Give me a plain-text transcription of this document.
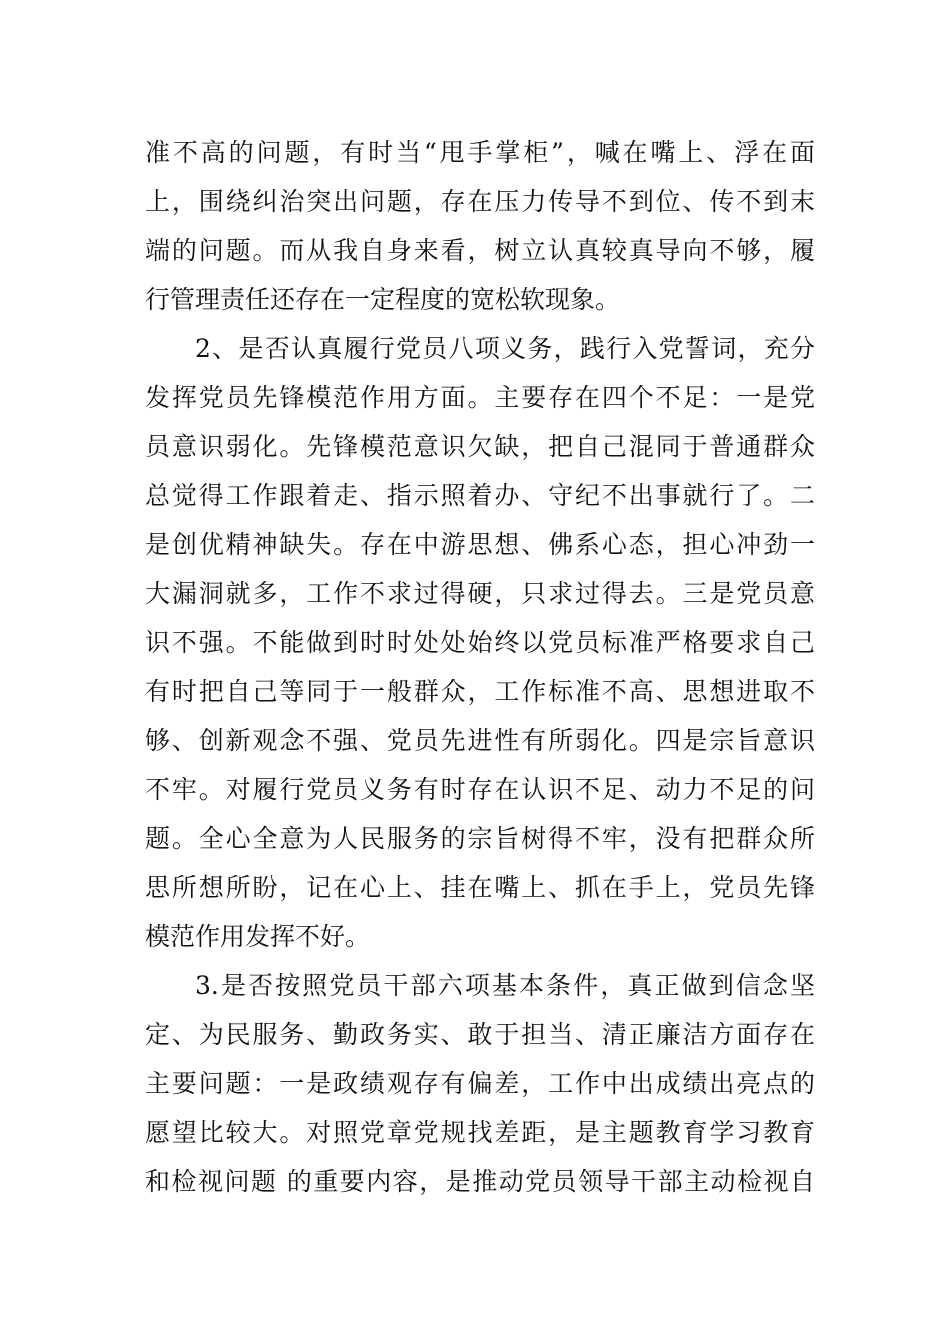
准不高的问题，有时当“甩手掌柜”，喊在嘴上、浮在面
上，围绕纠治突出问题，存在压力传导不到位、传不到末
端的问题。而从我自身来看，树立认真较真导向不够，履
行管理责任还存在一定程度的宽松软现象。
2、是否认真履行党员八项义务，践行入党誓词，充分
发挥党员先锋模范作用方面。主要存在四个不足：一是党
员意识弱化。先锋模范意识欠缺，把自己混同于普通群众
总觉得工作跟着走、指示照着办、守纪不出事就行了。二
是创优精神缺失。存在中游思想、佛系心态，担心冲劲一
大漏洞就多，工作不求过得硬，只求过得去。三是党员意
识不强。不能做到时时处处始终以党员标准严格要求自己
有时把自己等同于一般群众，工作标准不高、思想进取不
够、创新观念不强、党员先进性有所弱化。四是宗旨意识
不牢。对履行党员义务有时存在认识不足、动力不足的问
题。全心全意为人民服务的宗旨树得不牢，没有把群众所
思所想所盼，记在心上、挂在嘴上、抓在手上，党员先锋
模范作用发挥不好。
3.是否按照党员干部六项基本条件，真正做到信念坚
定、为民服务、勤政务实、敢于担当、清正廉洁方面存在
主要问题：一是政绩观存有偏差，工作中出成绩出亮点的
愿望比较大。对照党章党规找差距，是主题教育学习教育
和检视问题 的重要内容，是推动党员领导干部主动检视自
